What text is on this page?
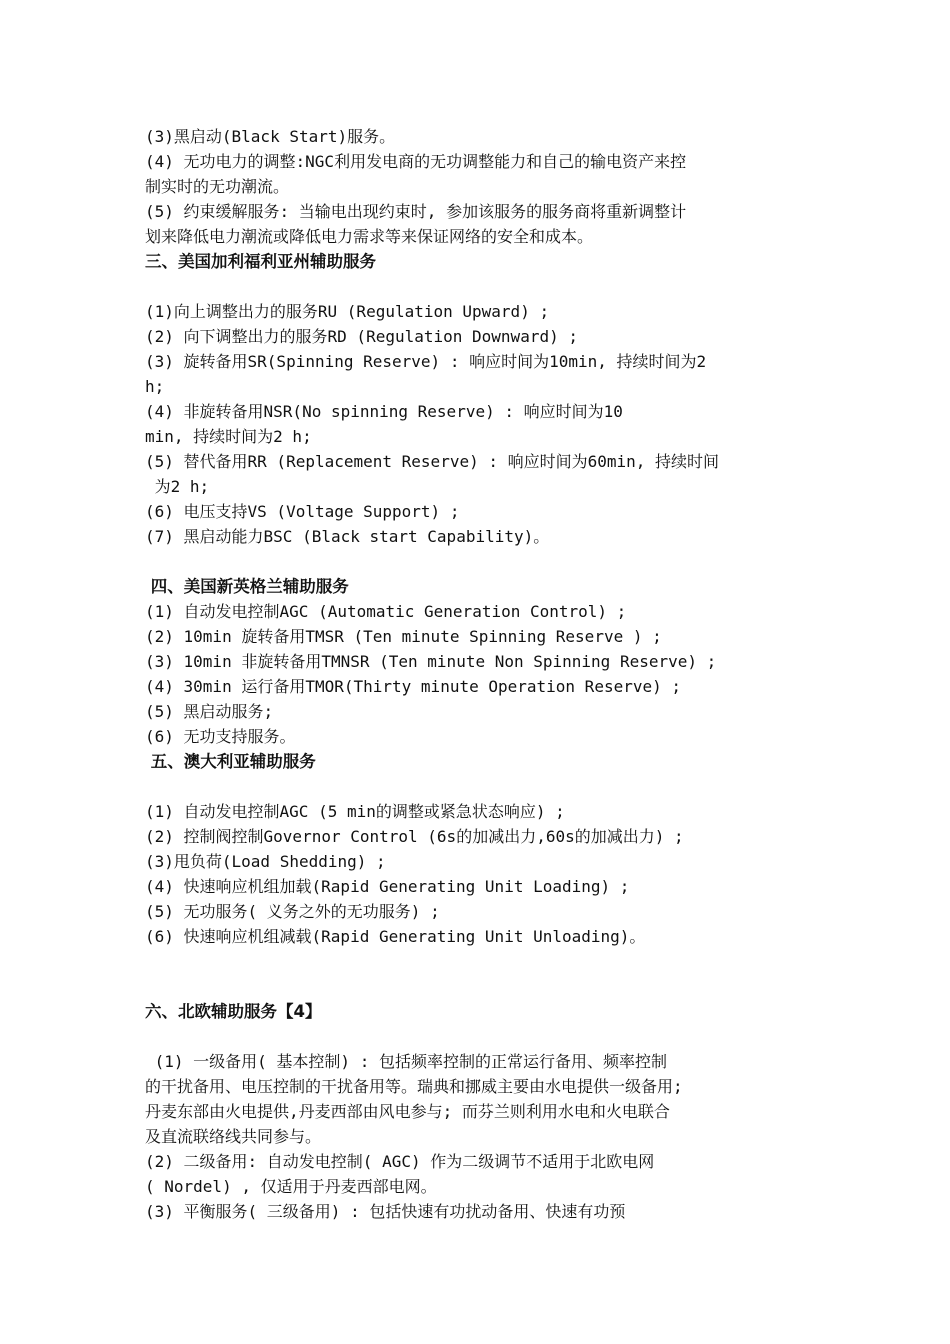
(3)黑启动(Black Start)服务。
(4) 无功电力的调整:NGC利用发电商的无功调整能力和自己的输电资产来控
制实时的无功潮流。
(5) 约束缓解服务: 当输电出现约束时, 参加该服务的服务商将重新调整计
划来降低电力潮流或降低电力需求等来保证网络的安全和成本。
三、美国加利福利亚州辅助服务
(1)向上调整出力的服务RU (Regulation Upward) ;
(2) 向下调整出力的服务RD (Regulation Downward) ;
(3) 旋转备用SR(Spinning Reserve) : 响应时间为10min, 持续时间为2
h;
(4) 非旋转备用NSR(No spinning Reserve) : 响应时间为10
min, 持续时间为2 h;
(5) 替代备用RR (Replacement Reserve) : 响应时间为60min, 持续时间
为2 h;
(6) 电压支持VS (Voltage Support) ;
(7) 黑启动能力BSC (Black start Capability)。
四、美国新英格兰辅助服务
(1) 自动发电控制AGC (Automatic Generation Control) ;
(2) 10min 旋转备用TMSR (Ten minute Spinning Reserve ) ;
(3) 10min 非旋转备用TMNSR (Ten minute Non Spinning Reserve) ;
(4) 30min 运行备用TMOR(Thirty minute Operation Reserve) ;
(5) 黑启动服务;
(6) 无功支持服务。
五、澳大利亚辅助服务
(1) 自动发电控制AGC (5 min的调整或紧急状态响应) ;
(2) 控制阀控制Governor Control (6s的加减出力,60s的加减出力) ;
(3)甩负荷(Load Shedding) ;
(4) 快速响应机组加载(Rapid Generating Unit Loading) ;
(5) 无功服务( 义务之外的无功服务) ;
(6) 快速响应机组减载(Rapid Generating Unit Unloading)。
六、北欧辅助服务【4】
(1) 一级备用( 基本控制) : 包括频率控制的正常运行备用、频率控制
的干扰备用、电压控制的干扰备用等。瑞典和挪威主要由水电提供一级备用;
丹麦东部由火电提供,丹麦西部由风电参与; 而芬兰则利用水电和火电联合
及直流联络线共同参与。
(2) 二级备用: 自动发电控制( AGC) 作为二级调节不适用于北欧电网
( Nordel) , 仅适用于丹麦西部电网。
(3) 平衡服务( 三级备用) : 包括快速有功扰动备用、快速有功预
